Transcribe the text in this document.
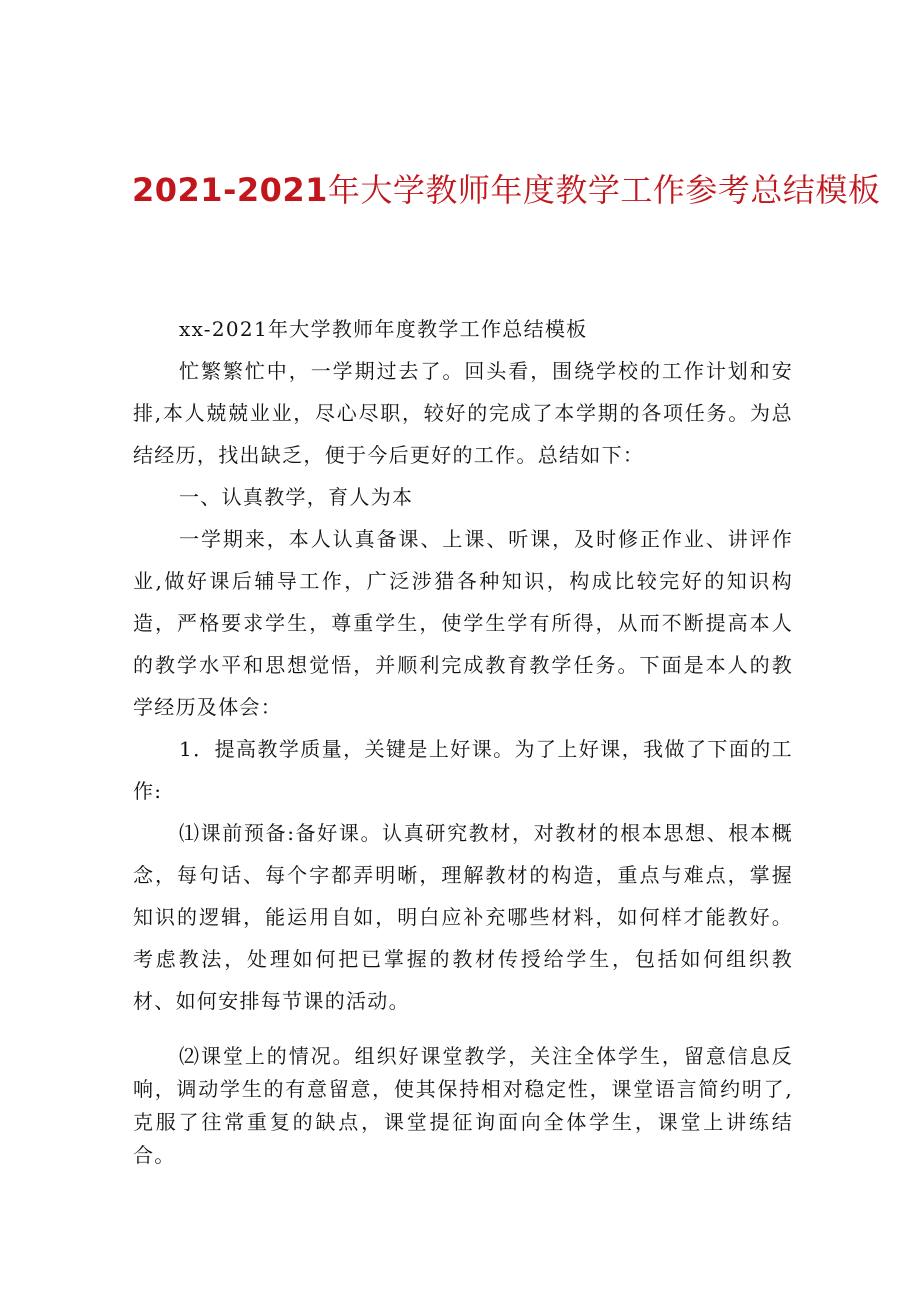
2021-2021年大学教师年度教学工作参考总结模板

xx-2021年大学教师年度教学工作总结模板

忙繁繁忙中，一学期过去了。回头看，围绕学校的工作计划和安排,本人兢兢业业，尽心尽职，较好的完成了本学期的各项任务。为总结经历，找出缺乏，便于今后更好的工作。总结如下：

一、认真教学，育人为本

一学期来，本人认真备课、上课、听课，及时修正作业、讲评作业,做好课后辅导工作，广泛涉猎各种知识，构成比较完好的知识构造，严格要求学生，尊重学生，使学生学有所得，从而不断提高本人的教学水平和思想觉悟，并顺利完成教育教学任务。下面是本人的教学经历及体会：

1．提高教学质量，关键是上好课。为了上好课，我做了下面的工作:

⑴课前预备:备好课。认真研究教材，对教材的根本思想、根本概念，每句话、每个字都弄明晰，理解教材的构造，重点与难点，掌握知识的逻辑，能运用自如，明白应补充哪些材料，如何样才能教好。考虑教法，处理如何把已掌握的教材传授给学生，包括如何组织教材、如何安排每节课的活动。

⑵课堂上的情况。组织好课堂教学，关注全体学生，留意信息反响，调动学生的有意留意，使其保持相对稳定性，课堂语言简约明了,克服了往常重复的缺点，课堂提征询面向全体学生，课堂上讲练结合。
